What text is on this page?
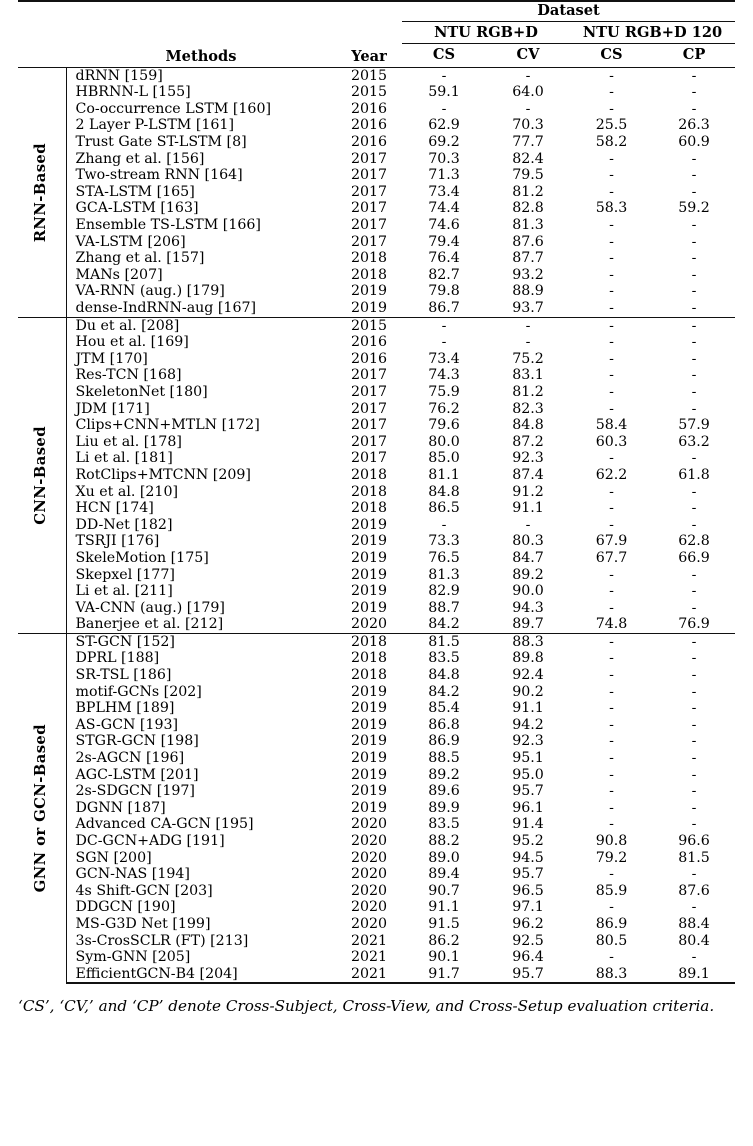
	Methods	Year	Dataset			
			NTU RGB+D		NTU RGB+D 120	
			CS	CV	CS	CP

RNN-Based	dRNN [159]	2015	-	-	-	-
	HBRNN-L [155]	2015	59.1	64.0	-	-
	Co-occurrence LSTM [160]	2016	-	-	-	-
	2 Layer P-LSTM [161]	2016	62.9	70.3	25.5	26.3
	Trust Gate ST-LSTM [8]	2016	69.2	77.7	58.2	60.9
	Zhang et al. [156]	2017	70.3	82.4	-	-
	Two-stream RNN [164]	2017	71.3	79.5	-	-
	STA-LSTM [165]	2017	73.4	81.2	-	-
	GCA-LSTM [163]	2017	74.4	82.8	58.3	59.2
	Ensemble TS-LSTM [166]	2017	74.6	81.3	-	-
	VA-LSTM [206]	2017	79.4	87.6	-	-
	Zhang et al. [157]	2018	76.4	87.7	-	-
	MANs [207]	2018	82.7	93.2	-	-
	VA-RNN (aug.) [179]	2019	79.8	88.9	-	-
	dense-IndRNN-aug [167]	2019	86.7	93.7	-	-

CNN-Based	Du et al. [208]	2015	-	-	-	-
	Hou et al. [169]	2016	-	-	-	-
	JTM [170]	2016	73.4	75.2	-	-
	Res-TCN [168]	2017	74.3	83.1	-	-
	SkeletonNet [180]	2017	75.9	81.2	-	-
	JDM [171]	2017	76.2	82.3	-	-
	Clips+CNN+MTLN [172]	2017	79.6	84.8	58.4	57.9
	Liu et al. [178]	2017	80.0	87.2	60.3	63.2
	Li et al. [181]	2017	85.0	92.3	-	-
	RotClips+MTCNN [209]	2018	81.1	87.4	62.2	61.8
	Xu et al. [210]	2018	84.8	91.2	-	-
	HCN [174]	2018	86.5	91.1	-	-
	DD-Net [182]	2019	-	-	-	-
	TSRJI [176]	2019	73.3	80.3	67.9	62.8
	SkeleMotion [175]	2019	76.5	84.7	67.7	66.9
	Skepxel [177]	2019	81.3	89.2	-	-
	Li et al. [211]	2019	82.9	90.0	-	-
	VA-CNN (aug.) [179]	2019	88.7	94.3	-	-
	Banerjee et al. [212]	2020	84.2	89.7	74.8	76.9

GNN or GCN-Based	ST-GCN [152]	2018	81.5	88.3	-	-
	DPRL [188]	2018	83.5	89.8	-	-
	SR-TSL [186]	2018	84.8	92.4	-	-
	motif-GCNs [202]	2019	84.2	90.2	-	-
	BPLHM [189]	2019	85.4	91.1	-	-
	AS-GCN [193]	2019	86.8	94.2	-	-
	STGR-GCN [198]	2019	86.9	92.3	-	-
	2s-AGCN [196]	2019	88.5	95.1	-	-
	AGC-LSTM [201]	2019	89.2	95.0	-	-
	2s-SDGCN [197]	2019	89.6	95.7	-	-
	DGNN [187]	2019	89.9	96.1	-	-
	Advanced CA-GCN [195]	2020	83.5	91.4	-	-
	DC-GCN+ADG [191]	2020	88.2	95.2	90.8	96.6
	SGN [200]	2020	89.0	94.5	79.2	81.5
	GCN-NAS [194]	2020	89.4	95.7	-	-
	4s Shift-GCN [203]	2020	90.7	96.5	85.9	87.6
	DDGCN [190]	2020	91.1	97.1	-	-
	MS-G3D Net [199]	2020	91.5	96.2	86.9	88.4
	3s-CrosSCLR (FT) [213]	2021	86.2	92.5	80.5	80.4
	Sym-GNN [205]	2021	90.1	96.4	-	-
	EfficientGCN-B4 [204]	2021	91.7	95.7	88.3	89.1
‘CS’, ‘CV,’ and ‘CP’ denote Cross-Subject, Cross-View, and Cross-Setup evaluation criteria.
